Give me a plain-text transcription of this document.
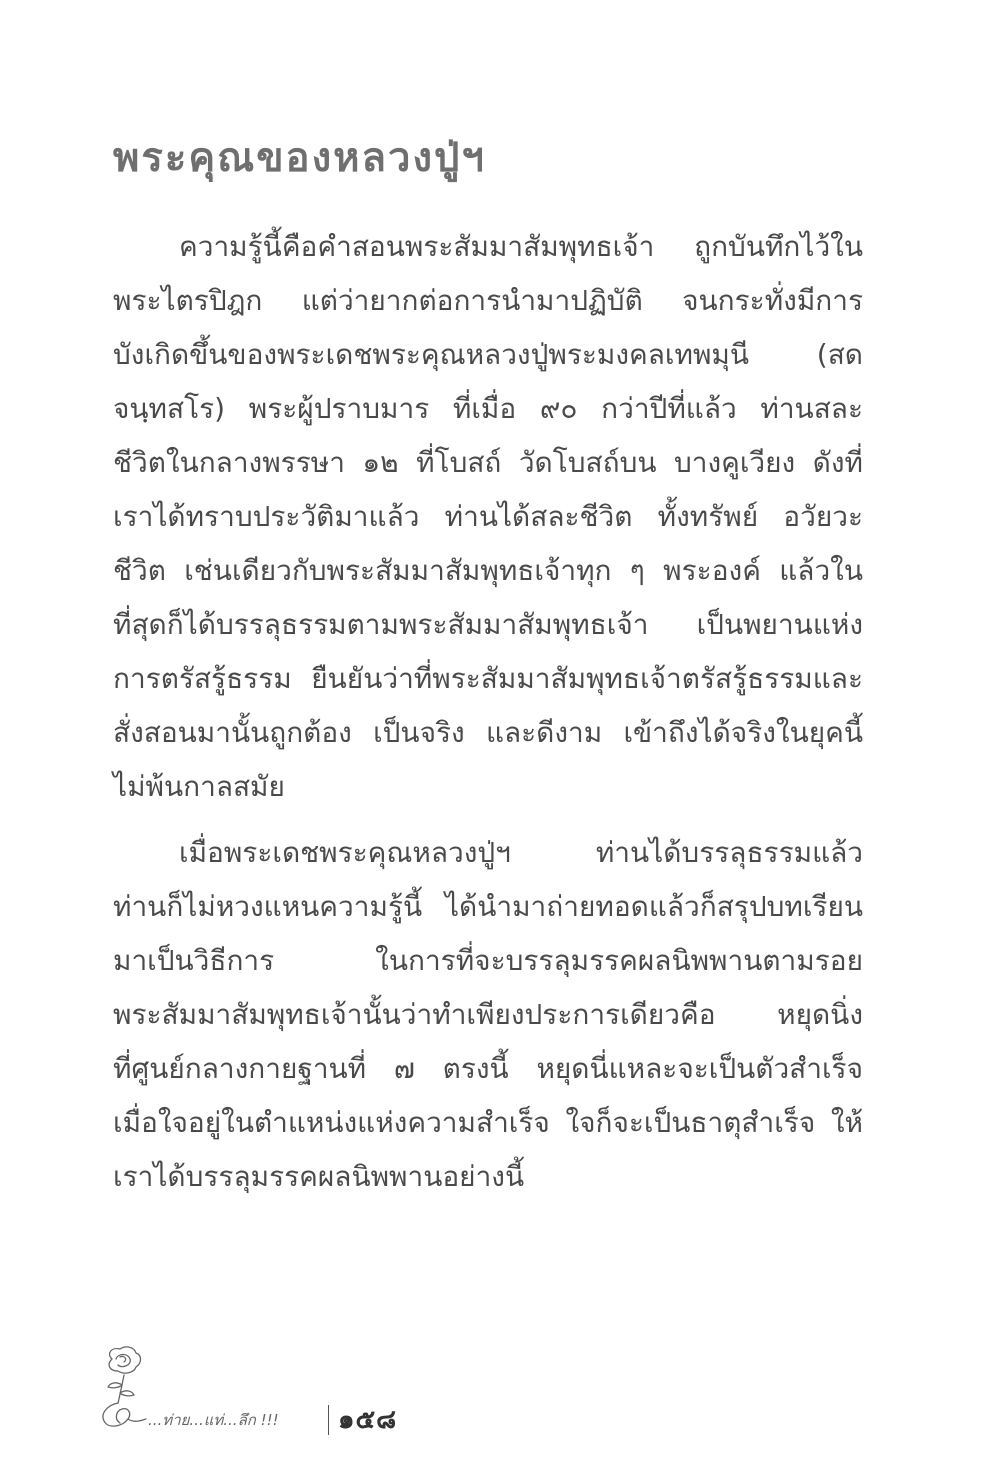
พระคุณของหลวงปู่ฯ
ความรู้นี้คือคำสอนพระสัมมาสัมพุทธเจ้า ถูกบันทึกไว้ใน
พระไตรปิฎก แต่ว่ายากต่อการนำมาปฏิบัติ จนกระทั่งมีการ
บังเกิดขึ้นของพระเดชพระคุณหลวงปู่พระมงคลเทพมุนี (สด
จนฺทสโร) พระผู้ปราบมาร ที่เมื่อ ๙๐ กว่าปีที่แล้ว ท่านสละ
ชีวิตในกลางพรรษา ๑๒ ที่โบสถ์ วัดโบสถ์บน บางคูเวียง ดังที่
เราได้ทราบประวัติมาแล้ว ท่านได้สละชีวิต ทั้งทรัพย์ อวัยวะ
ชีวิต เช่นเดียวกับพระสัมมาสัมพุทธเจ้าทุก ๆ พระองค์ แล้วใน
ที่สุดก็ได้บรรลุธรรมตามพระสัมมาสัมพุทธเจ้า เป็นพยานแห่ง
การตรัสรู้ธรรม ยืนยันว่าที่พระสัมมาสัมพุทธเจ้าตรัสรู้ธรรมและ
สั่งสอนมานั้นถูกต้อง เป็นจริง และดีงาม เข้าถึงได้จริงในยุคนี้
ไม่พ้นกาลสมัย
เมื่อพระเดชพระคุณหลวงปู่ฯ ท่านได้บรรลุธรรมแล้ว
ท่านก็ไม่หวงแหนความรู้นี้ ได้นำมาถ่ายทอดแล้วก็สรุปบทเรียน
มาเป็นวิธีการ ในการที่จะบรรลุมรรคผลนิพพานตามรอย
พระสัมมาสัมพุทธเจ้านั้นว่าทำเพียงประการเดียวคือ หยุดนิ่ง
ที่ศูนย์กลางกายฐานที่ ๗ ตรงนี้ หยุดนี่แหละจะเป็นตัวสำเร็จ
เมื่อใจอยู่ในตำแหน่งแห่งความสำเร็จ ใจก็จะเป็นธาตุสำเร็จ ให้
เราได้บรรลุมรรคผลนิพพานอย่างนี้
...ท่าย...แท่...ลึก !!! ๑๕๘
